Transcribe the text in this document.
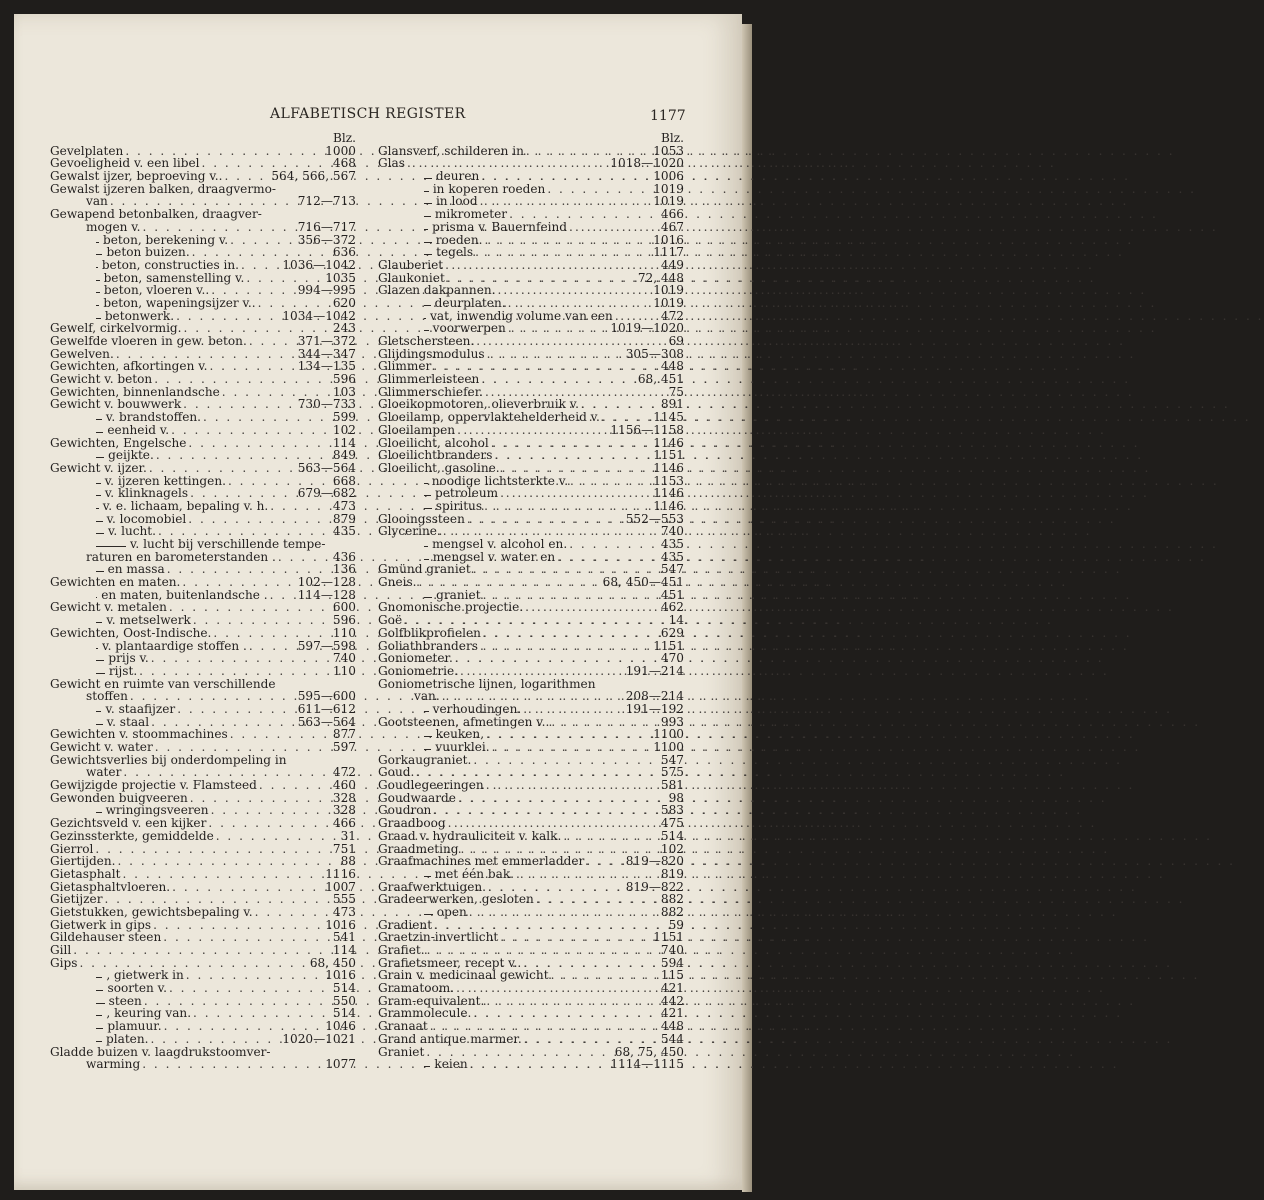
ALFABETISCH REGISTER	1177
Blz.
Gevelplaten . . .	1000
Gevoeligheid v. een libel . . .	468
Gewalst ijzer, beproeving v.. . . .	564, 566, 567
Gewalst ijzeren balken, draagvermo-
van . . .	712—713
Gewapend betonbalken, draagver-
mogen v. . . .	716—717
beton, berekening v. . . .	356—372
beton buizen. . . .	636
beton, constructies in. . . .	1036—1042
beton, samenstelling v. . . .	1035
beton, vloeren v.. . . .	994—995
beton, wapeningsijzer v.. . . .	620
betonwerk. . . .	1034—1042
Gewelf, cirkelvormig. . . .	243
Gewelfde vloeren in gew. beton. . . .	371—372
Gewelven. . . .	344—347
Gewichten, afkortingen v. . . .	134—135
Gewicht v. beton . . .	596
Gewichten, binnenlandsche . . .	103
Gewicht v. bouwwerk . . .	730—733
v. brandstoffen. . . .	599
eenheid v. . . .	102
Gewichten, Engelsche . . .	114
geijkte. . . .	849
Gewicht v. ijzer. . . .	563—564
v. ijzeren kettingen. . . .	668
v. klinknagels . . .	679—682
v. e. lichaam, bepaling v. h. . . .	473
v. locomobiel . . .	879
v. lucht. . . .	435
v. lucht bij verschillende tempe-
raturen en barometerstanden . . . .	436
en massa . . .	136
Gewichten en maten. . . .	102—128
en maten, buitenlandsche . . . . 114—128
Gewicht v. metalen . . .	600
v. metselwerk . . .	596
Gewichten, Oost-Indische. . . .	110
v. plantaardige stoffen . . . .	597—598
prijs v. . . .	740
rijst. . . .	110
Gewicht en ruimte van verschillende
stoffen . . .	595—600
v. staafijzer . . .	611—612
v. staal . . .	563—564
Gewichten v. stoommachines . . .	877
Gewicht v. water . . .	597
Gewichtsverlies bij onderdompeling in
water . . .	472
Gewijzigde projectie v. Flamsteed . . .	460
Gewonden buigveeren . . .	328
wringingsveeren . . .	328
Gezichtsveld v. een kijker . . .	466
Gezinssterkte, gemiddelde . . .	31
Gierrol . . .	751
Giertijden. . . .	88
Gietasphalt . . .	1116
Gietasphaltvloeren. . . .	1007
Gietijzer . . .	555
Gietstukken, gewichtsbepaling v. . . .	473
Gietwerk in gips . . .	1016
Gildehauser steen . . .	541
Gill . . .	114
Gips . . .	68, 450
, gietwerk in . . .	1016
soorten v. . . .	514
steen . . .	550
, keuring van. . . .	514
plamuur. . . .	1046
platen. . . .	1020—1021
Gladde buizen v. laagdrukstoomver-
warming . . .	1077
Blz.
Glansverf, schilderen in . . .	1053
Glas . . .	1018—1020
deuren . . .	1006
in koperen roeden . . .	1019
in lood . . .	1019
mikrometer . . .	466
prisma v. Bauernfeind . . .	467
roeden. . . .	1016
tegels . . .	1117
Glauberiet . . .	449
Glaukoniet . . .	72, 448
Glazen dakpannen. . . .	1019
deurplaten. . . .	1019
vat, inwendig volume van een . . .	472
voorwerpen . . .	1019—1020
Gletschersteen. . . .	69
Glijdingsmodulus . . .	305—308
Glimmer . . .	448
Glimmerleisteen . . .	68, 451
Glimmerschiefer. . . .	75
Gloeikopmotoren, olieverbruik v. . . .	891
Gloeilamp, oppervlaktehelderheid v. . . .	1145
Gloeilampen . . .	1156—1158
Gloeilicht, alcohol . . .	1146
Gloeilichtbranders . . .	1151
Gloeilicht, gasoline. . . .	1146
noodige lichtsterkte v. . . .	1153
petroleum . . .	1146
spiritus . . .	1146
Glooingssteen . . .	552—553
Glycerine. . . .	740
mengsel v. alcohol en. . . .	435
mengsel v. water en . . .	435
Gmünd graniet . . .	547
Gneis. . . .	68, 450—451
graniet . . .	451
Gnomonische projectie. . . .	462
Goë . . .	14
Golfblikprofielen . . .	629
Goliathbranders . . .	1151
Goniometer. . . .	470
Goniometrie. . . .	191—214
Goniometrische lijnen, logarithmen
van. . . .	208—214
verhoudingen. . . .	191—192
Gootsteenen, afmetingen v.. . . .	993
keuken, . . .	1100
vuurklei. . . .	1100
Gorkaugraniet. . . .	547
Goud. . . .	575
Goudlegeeringen . . .	581
Goudwaarde . . .	98
Goudron . . .	583
Graadboog . . .	475
Graad v. hydrauliciteit v. kalk. . . .	514
Graadmeting . . .	102
Graafmachines met emmerladder . . .	819—820
met één bak. . . .	819
Graafwerktuigen. . . .	819—822
Gradeerwerken, gesloten . . .	882
open . . .	882
Gradient . . .	59
Graetzin-invertlicht . . .	1151
Grafiet. . . .	740
Grafietsmeer, recept v.. . . .	594
Grain v. medicinaal gewicht . . .	115
Gramatoom. . . .	421
Gram-equivalent. . . .	442
Grammolecule. . . .	421
Granaat . . .	448
Grand antique marmer. . . .	544
Graniet . . .	68, 75, 450
keien . . .	1114—1115
